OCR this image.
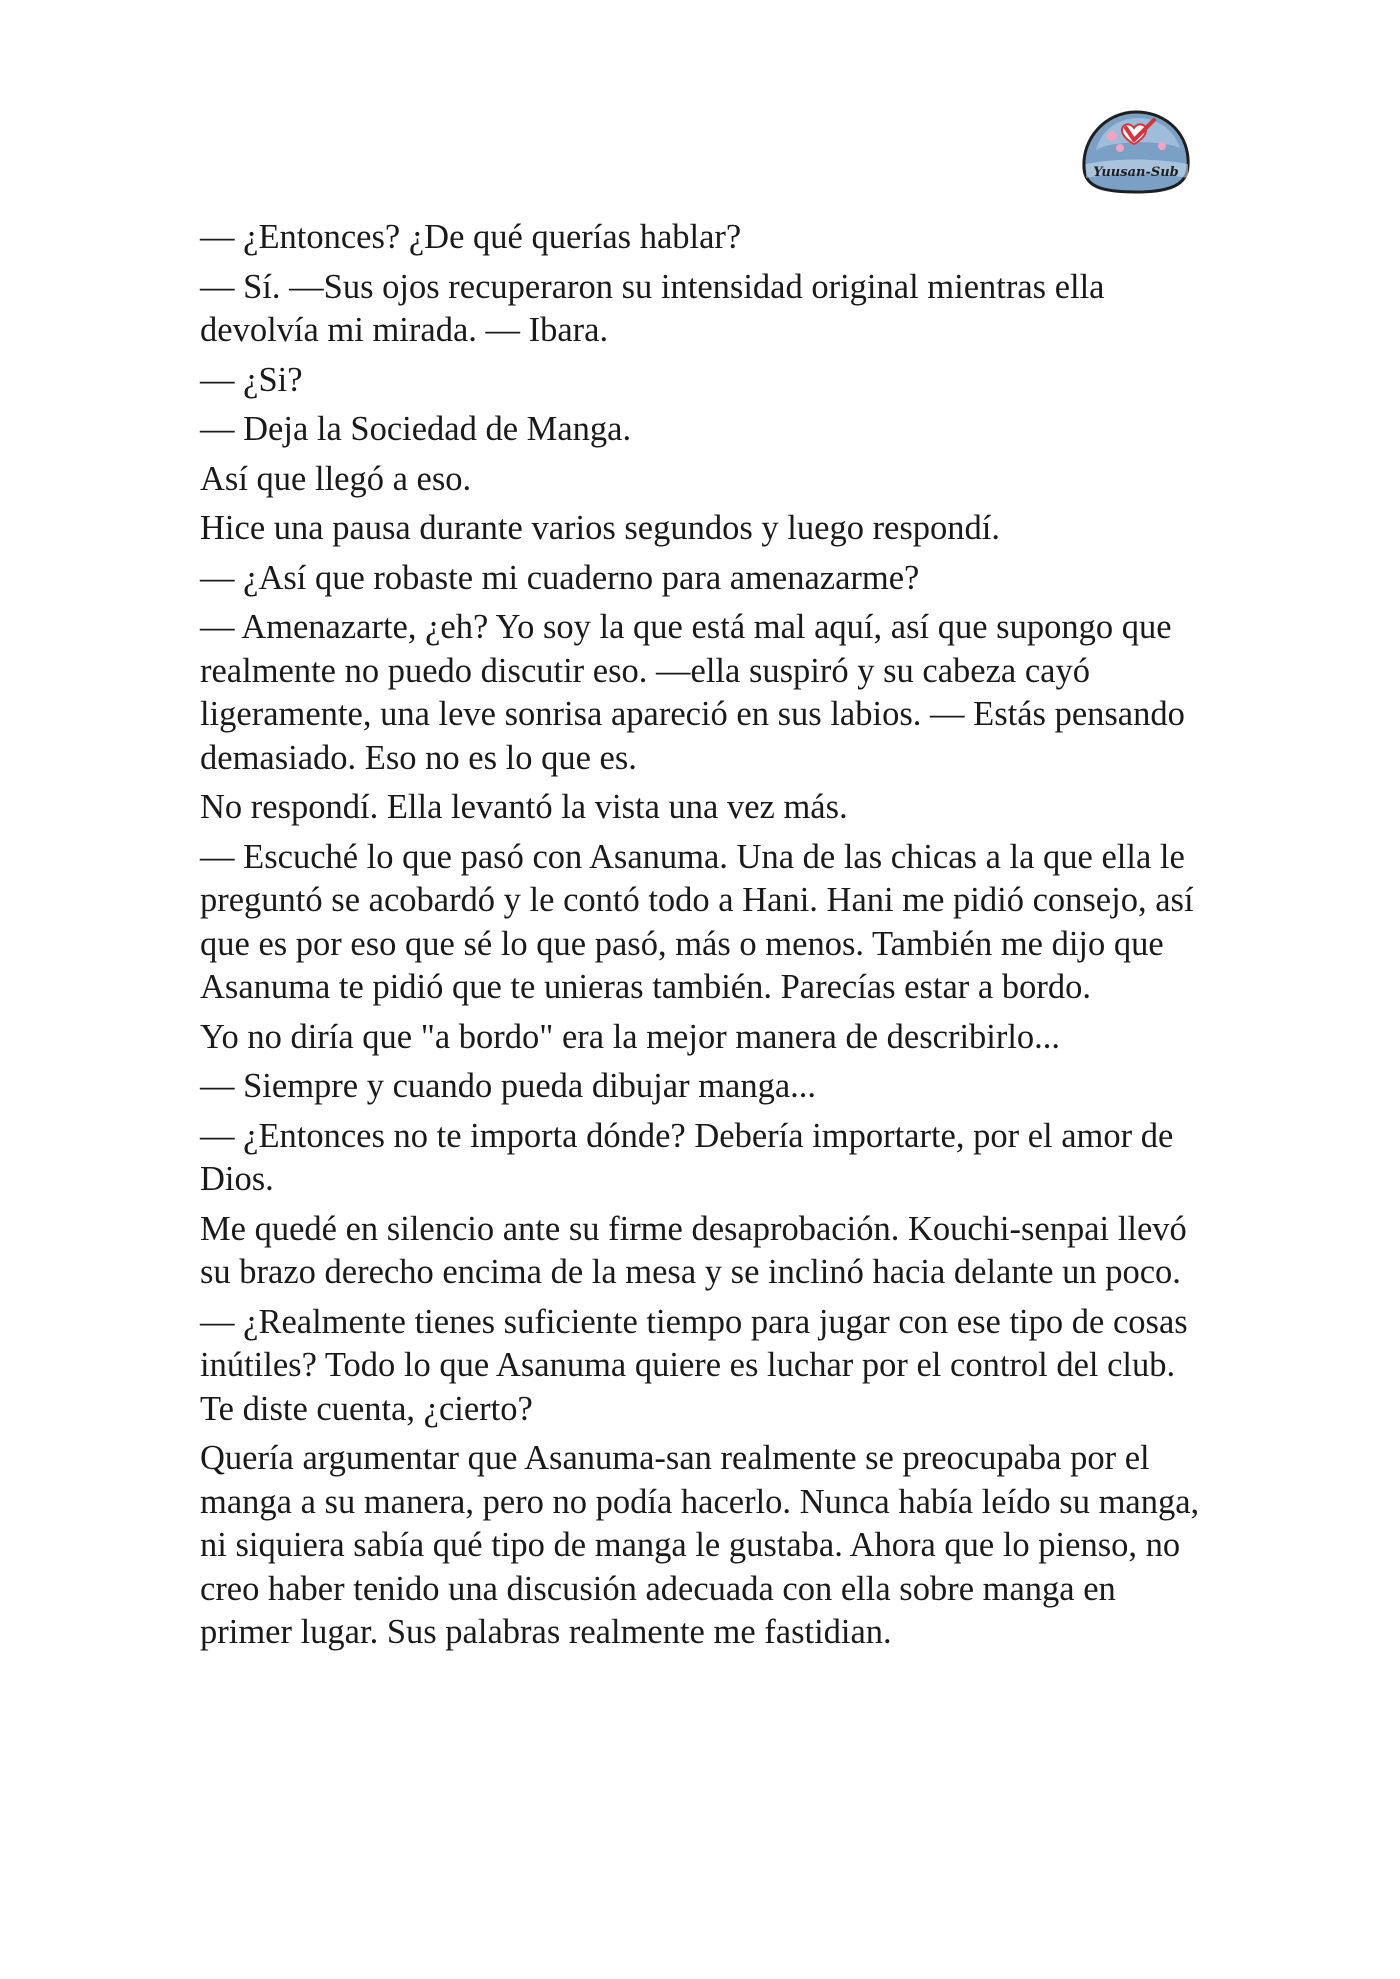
Yuusan-Sub

— ¿Entonces? ¿De qué querías hablar?

— Sí. —Sus ojos recuperaron su intensidad original mientras ella devolvía mi mirada. — Ibara.

— ¿Si?

— Deja la Sociedad de Manga.

Así que llegó a eso.

Hice una pausa durante varios segundos y luego respondí.

— ¿Así que robaste mi cuaderno para amenazarme?

— Amenazarte, ¿eh? Yo soy la que está mal aquí, así que supongo que realmente no puedo discutir eso. —ella suspiró y su cabeza cayó ligeramente, una leve sonrisa apareció en sus labios. — Estás pensando demasiado. Eso no es lo que es.

No respondí. Ella levantó la vista una vez más.

— Escuché lo que pasó con Asanuma. Una de las chicas a la que ella le preguntó se acobardó y le contó todo a Hani. Hani me pidió consejo, así que es por eso que sé lo que pasó, más o menos. También me dijo que Asanuma te pidió que te unieras también. Parecías estar a bordo.

Yo no diría que "a bordo" era la mejor manera de describirlo...

— Siempre y cuando pueda dibujar manga...

— ¿Entonces no te importa dónde? Debería importarte, por el amor de Dios.

Me quedé en silencio ante su firme desaprobación. Kouchi-senpai llevó su brazo derecho encima de la mesa y se inclinó hacia delante un poco.

— ¿Realmente tienes suficiente tiempo para jugar con ese tipo de cosas inútiles? Todo lo que Asanuma quiere es luchar por el control del club. Te diste cuenta, ¿cierto?

Quería argumentar que Asanuma-san realmente se preocupaba por el manga a su manera, pero no podía hacerlo. Nunca había leído su manga, ni siquiera sabía qué tipo de manga le gustaba. Ahora que lo pienso, no creo haber tenido una discusión adecuada con ella sobre manga en primer lugar. Sus palabras realmente me fastidian.
